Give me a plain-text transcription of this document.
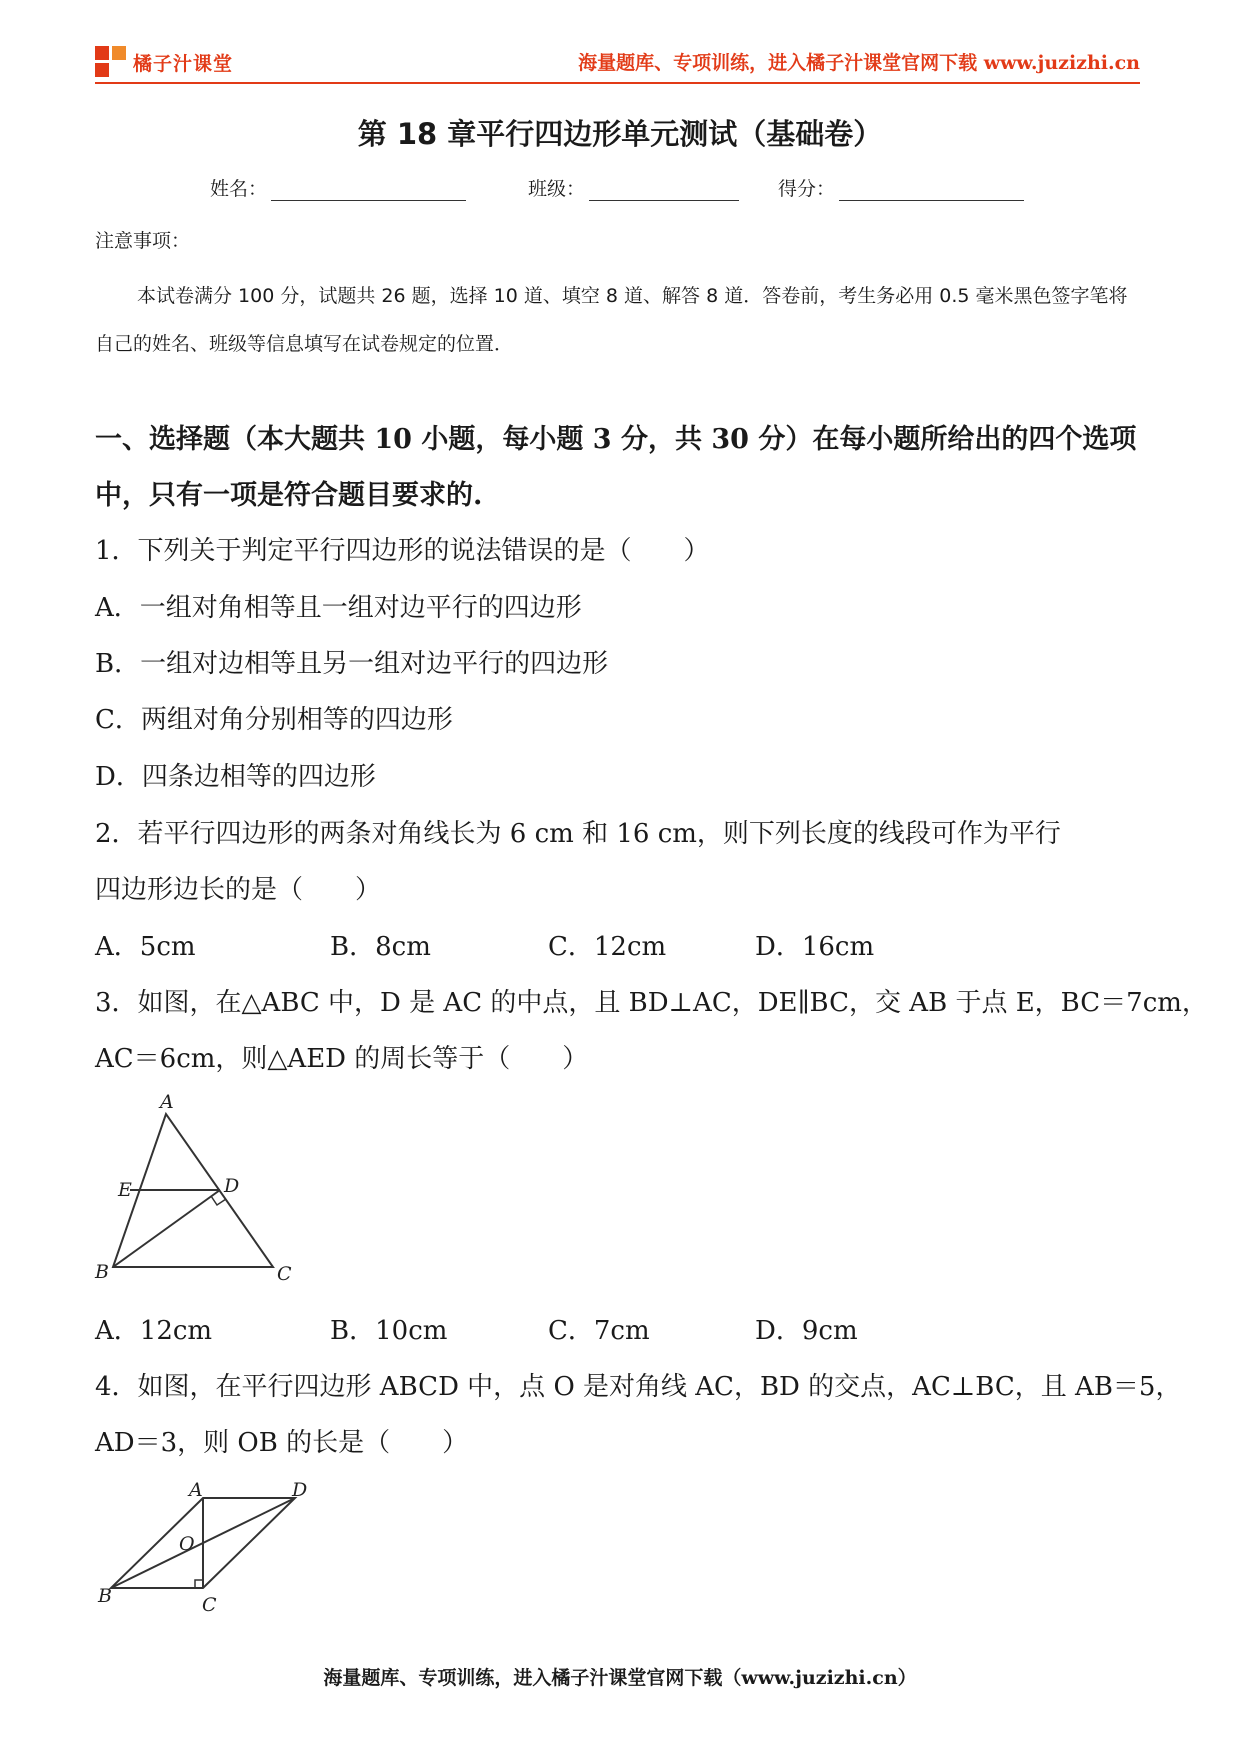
橘子汁课堂	海量题库、专项训练，进入橘子汁课堂官网下载 www.juzizhi.cn
第 18 章平行四边形单元测试（基础卷）
姓名：	班级：	得分：
注意事项：
本试卷满分 100 分，试题共 26 题，选择 10 道、填空 8 道、解答 8 道．答卷前，考生务必用 0.5 毫米黑色签字笔将自己的姓名、班级等信息填写在试卷规定的位置．
一、选择题（本大题共 10 小题，每小题 3 分，共 30 分）在每小题所给出的四个选项中，只有一项是符合题目要求的.
1．下列关于判定平行四边形的说法错误的是（　　）
A．一组对角相等且一组对边平行的四边形
B．一组对边相等且另一组对边平行的四边形
C．两组对角分别相等的四边形
D．四条边相等的四边形
2．若平行四边形的两条对角线长为 6 cm 和 16 cm，则下列长度的线段可作为平行
四边形边长的是（　　）
A．5cm	B．8cm	C．12cm	D．16cm
3．如图，在△ABC 中，D 是 AC 的中点，且 BD⊥AC，DE∥BC，交 AB 于点 E，BC＝7cm，
AC＝6cm，则△AED 的周长等于（　　）
A
E	D
B	C
A．12cm	B．10cm	C．7cm	D．9cm
4．如图，在平行四边形 ABCD 中，点 O 是对角线 AC，BD 的交点，AC⊥BC，且 AB＝5，
AD＝3，则 OB 的长是（　　）
A	D
O
B	C
海量题库、专项训练，进入橘子汁课堂官网下载（www.juzizhi.cn）
